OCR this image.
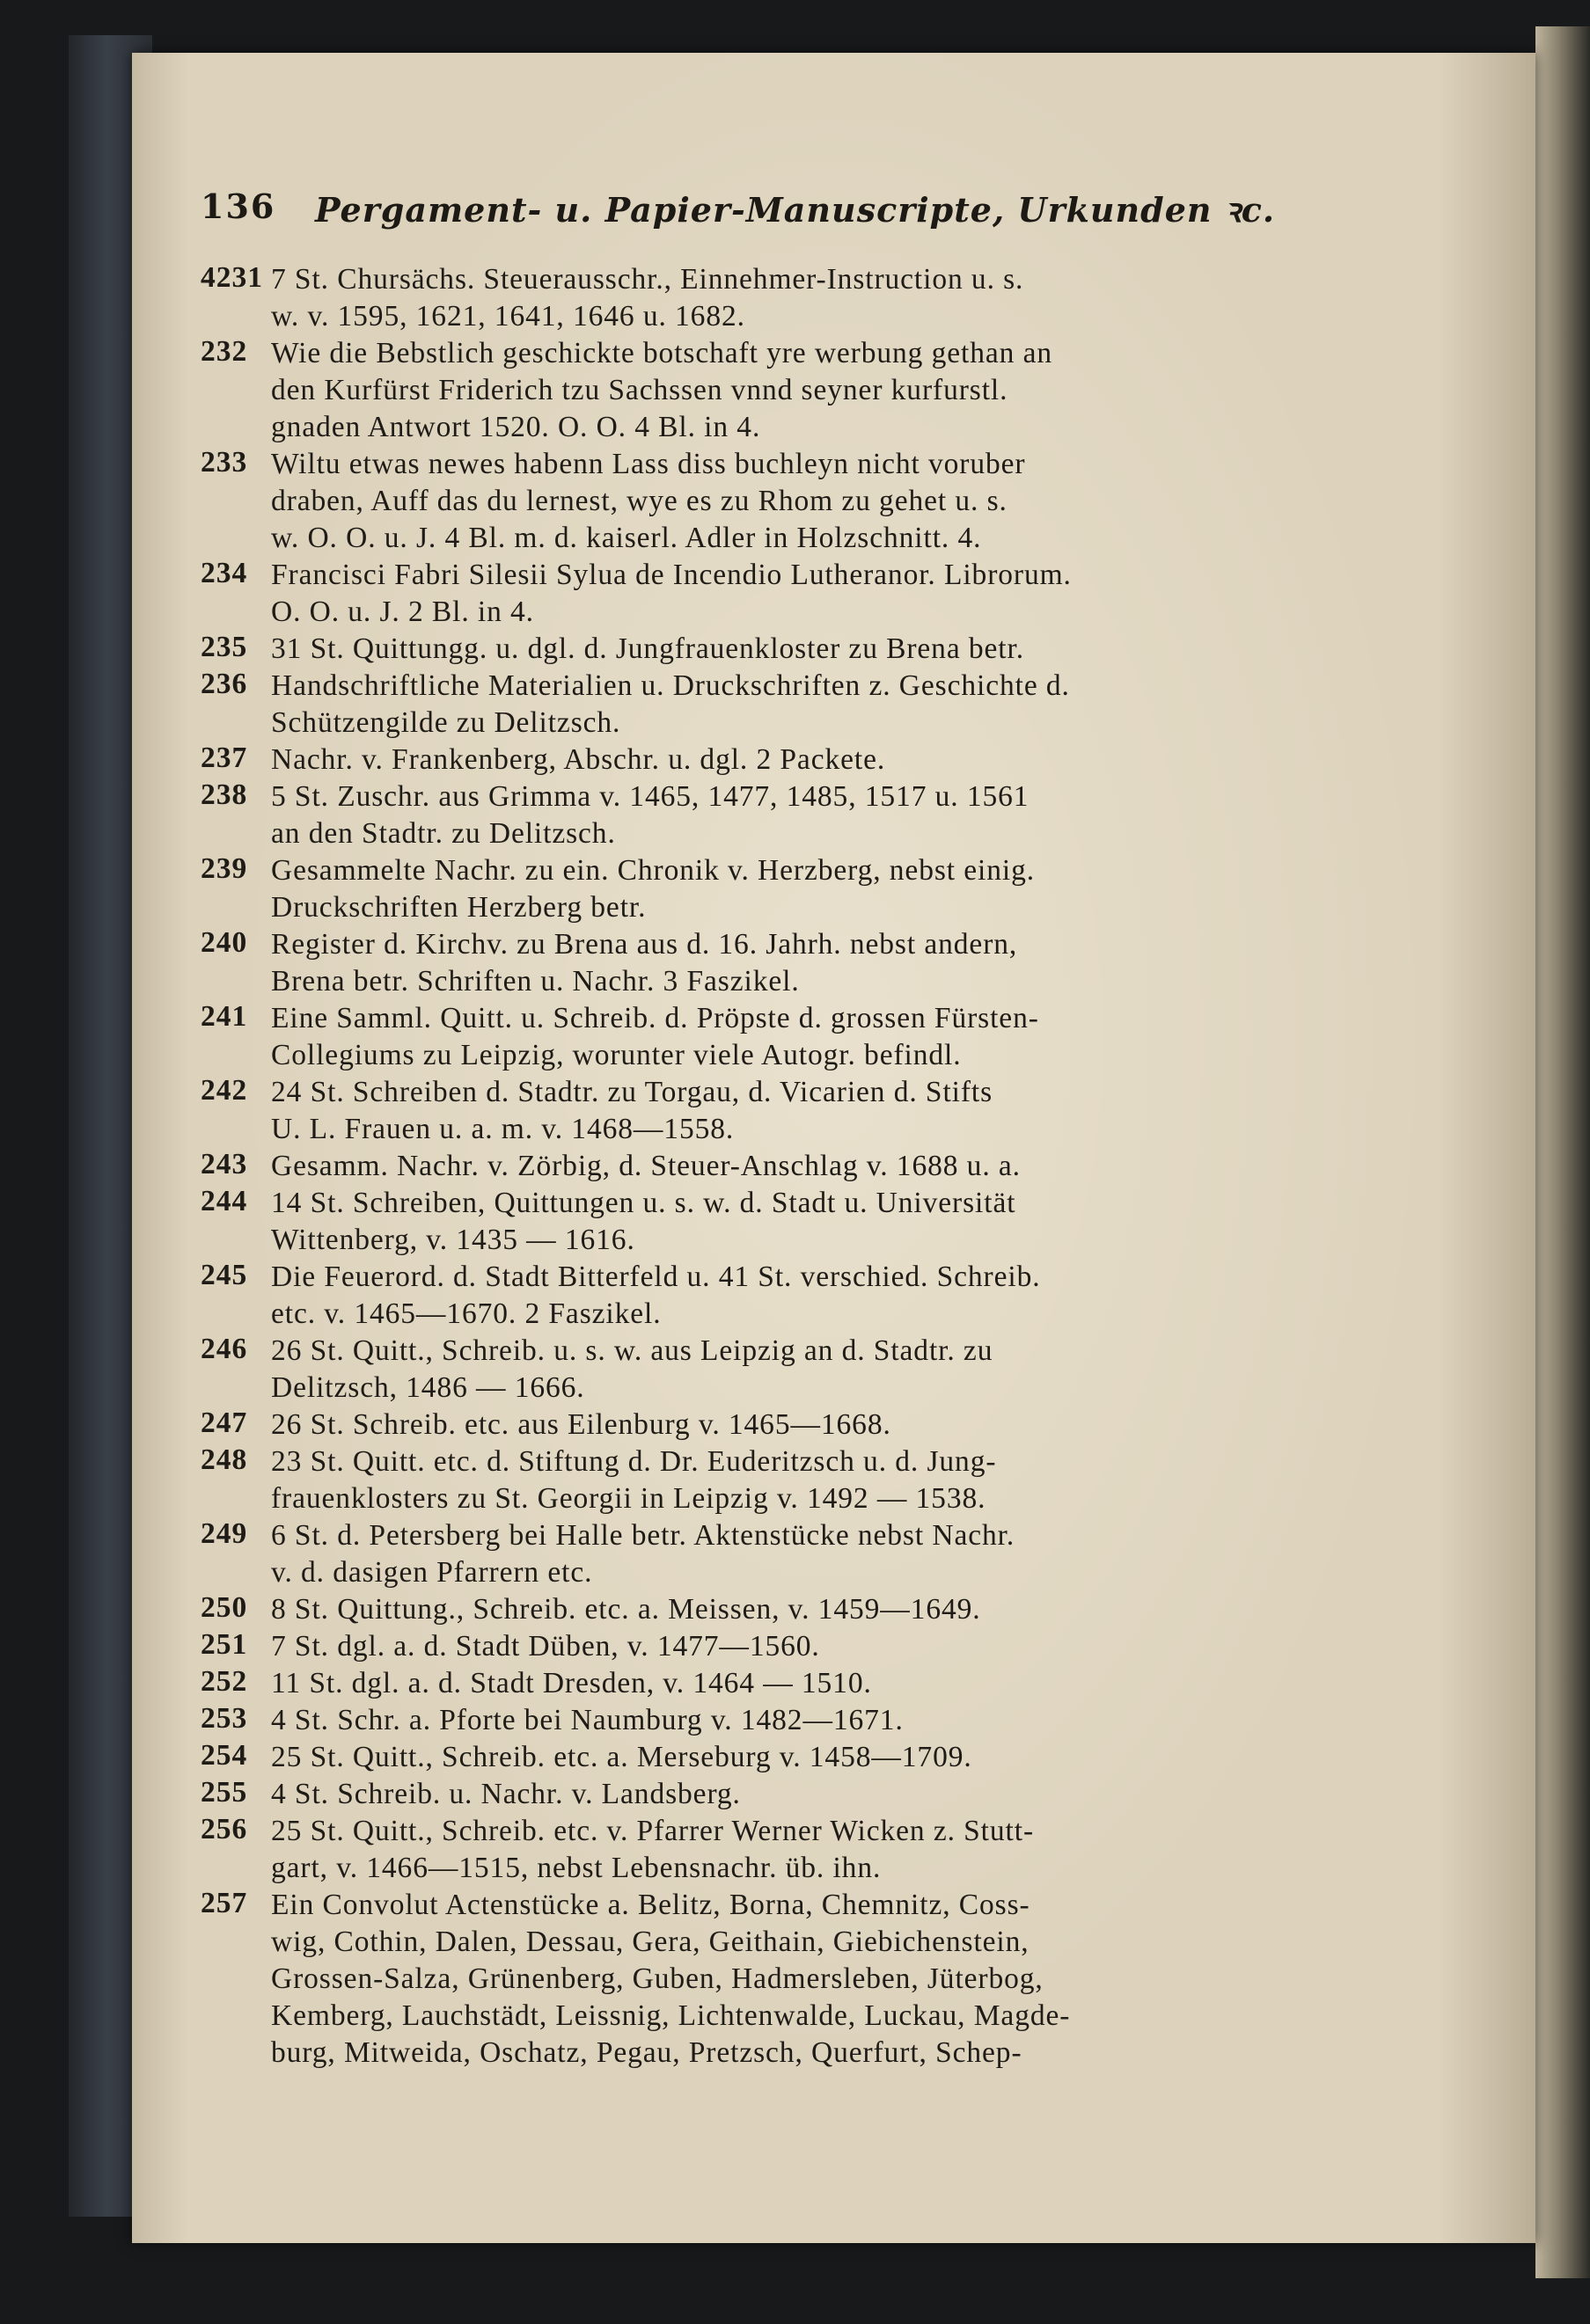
136 Pergament- u. Papier-Manuscripte, Urkunden ꝛc.
4231 7 St. Chursächs. Steuerausschr., Einnehmer-Instruction u. s.
w. v. 1595, 1621, 1641, 1646 u. 1682.
232 Wie die Bebstlich geschickte botschaft yre werbung gethan an
den Kurfürst Friderich tzu Sachssen vnnd seyner kurfurstl.
gnaden Antwort 1520. O. O. 4 Bl. in 4.
233 Wiltu etwas newes habenn Lass diss buchleyn nicht voruber
draben, Auff das du lernest, wye es zu Rhom zu gehet u. s.
w. O. O. u. J. 4 Bl. m. d. kaiserl. Adler in Holzschnitt. 4.
234 Francisci Fabri Silesii Sylua de Incendio Lutheranor. Librorum.
O. O. u. J. 2 Bl. in 4.
235 31 St. Quittungg. u. dgl. d. Jungfrauenkloster zu Brena betr.
236 Handschriftliche Materialien u. Druckschriften z. Geschichte d.
Schützengilde zu Delitzsch.
237 Nachr. v. Frankenberg, Abschr. u. dgl. 2 Packete.
238 5 St. Zuschr. aus Grimma v. 1465, 1477, 1485, 1517 u. 1561
an den Stadtr. zu Delitzsch.
239 Gesammelte Nachr. zu ein. Chronik v. Herzberg, nebst einig.
Druckschriften Herzberg betr.
240 Register d. Kirchv. zu Brena aus d. 16. Jahrh. nebst andern,
Brena betr. Schriften u. Nachr. 3 Faszikel.
241 Eine Samml. Quitt. u. Schreib. d. Pröpste d. grossen Fürsten-
Collegiums zu Leipzig, worunter viele Autogr. befindl.
242 24 St. Schreiben d. Stadtr. zu Torgau, d. Vicarien d. Stifts
U. L. Frauen u. a. m. v. 1468—1558.
243 Gesamm. Nachr. v. Zörbig, d. Steuer-Anschlag v. 1688 u. a.
244 14 St. Schreiben, Quittungen u. s. w. d. Stadt u. Universität
Wittenberg, v. 1435 — 1616.
245 Die Feuerord. d. Stadt Bitterfeld u. 41 St. verschied. Schreib.
etc. v. 1465—1670. 2 Faszikel.
246 26 St. Quitt., Schreib. u. s. w. aus Leipzig an d. Stadtr. zu
Delitzsch, 1486 — 1666.
247 26 St. Schreib. etc. aus Eilenburg v. 1465—1668.
248 23 St. Quitt. etc. d. Stiftung d. Dr. Euderitzsch u. d. Jung-
frauenklosters zu St. Georgii in Leipzig v. 1492 — 1538.
249 6 St. d. Petersberg bei Halle betr. Aktenstücke nebst Nachr.
v. d. dasigen Pfarrern etc.
250 8 St. Quittung., Schreib. etc. a. Meissen, v. 1459—1649.
251 7 St. dgl. a. d. Stadt Düben, v. 1477—1560.
252 11 St. dgl. a. d. Stadt Dresden, v. 1464 — 1510.
253 4 St. Schr. a. Pforte bei Naumburg v. 1482—1671.
254 25 St. Quitt., Schreib. etc. a. Merseburg v. 1458—1709.
255 4 St. Schreib. u. Nachr. v. Landsberg.
256 25 St. Quitt., Schreib. etc. v. Pfarrer Werner Wicken z. Stutt-
gart, v. 1466—1515, nebst Lebensnachr. üb. ihn.
257 Ein Convolut Actenstücke a. Belitz, Borna, Chemnitz, Coss-
wig, Cothin, Dalen, Dessau, Gera, Geithain, Giebichenstein,
Grossen-Salza, Grünenberg, Guben, Hadmersleben, Jüterbog,
Kemberg, Lauchstädt, Leissnig, Lichtenwalde, Luckau, Magde-
burg, Mitweida, Oschatz, Pegau, Pretzsch, Querfurt, Schep-
